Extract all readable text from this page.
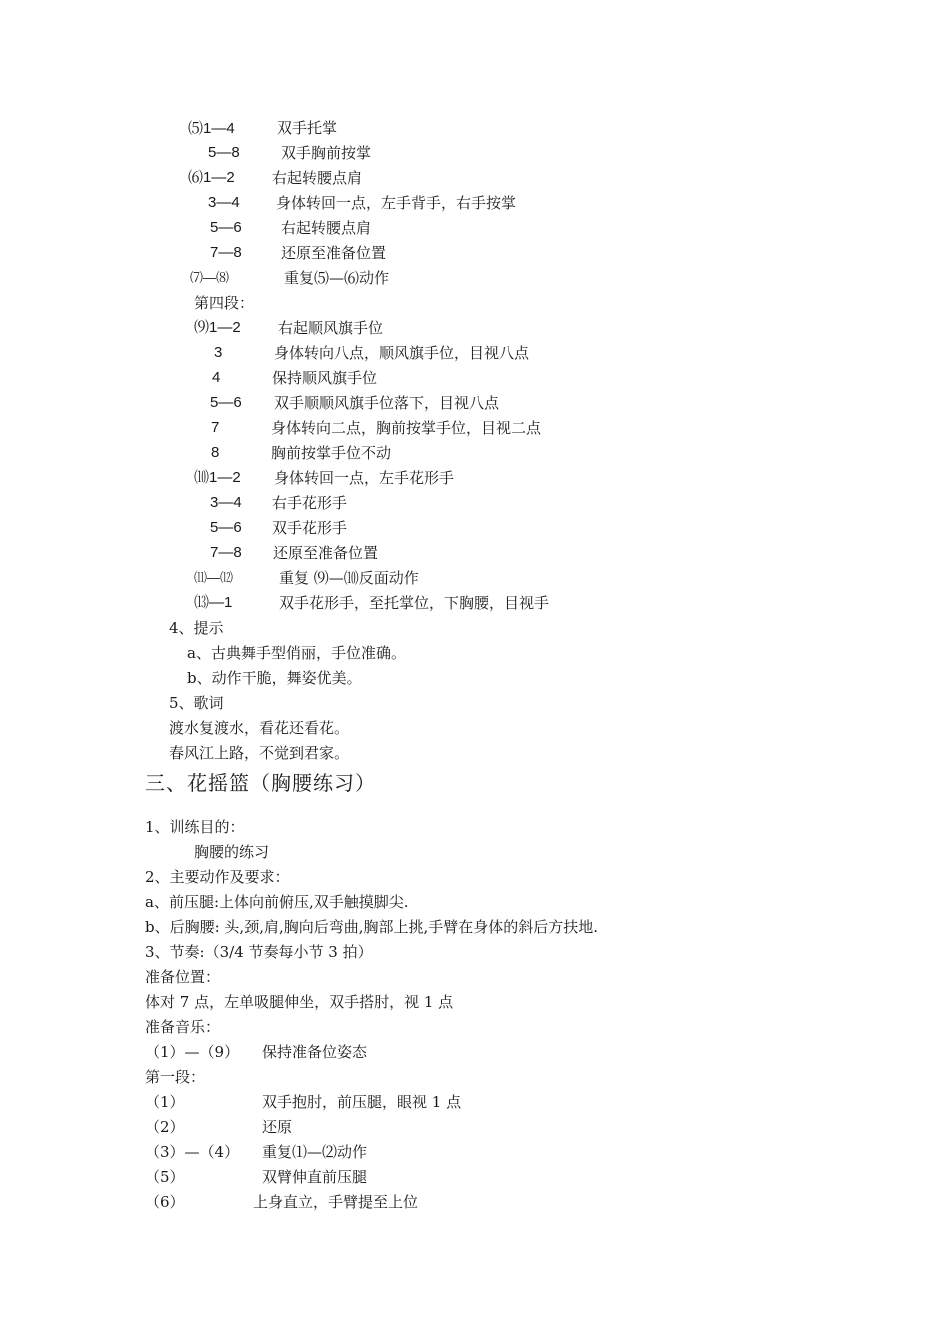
⑸1—4	双手托掌
5—8	双手胸前按掌
⑹1—2 右起转腰点肩
3—4 身体转回一点，左手背手，右手按掌
5—6	右起转腰点肩
7—8	还原至准备位置
⑺—⑻	重复⑸—⑹动作
第四段：
⑼1—2 右起顺风旗手位
3	身体转向八点，顺风旗手位，目视八点
4	保持顺风旗手位
5—6 双手顺顺风旗手位落下，目视八点
7	身体转向二点，胸前按掌手位，目视二点
8	胸前按掌手位不动
⑽1—2 身体转回一点，左手花形手
3—4 右手花形手
5—6 双手花形手
7—8 还原至准备位置
⑾—⑿	重复 ⑼—⑽反面动作
⒀—1	双手花形手，至托掌位，下胸腰，目视手
4、提示
a、古典舞手型俏丽，手位准确。
b、动作干脆，舞姿优美。
5、歌词
渡水复渡水，看花还看花。
春风江上路，不觉到君家。
三、花摇篮（胸腰练习）
1、训练目的：
胸腰的练习
2、主要动作及要求：
a、前压腿:上体向前俯压,双手触摸脚尖.
b、后胸腰: 头,颈,肩,胸向后弯曲,胸部上挑,手臂在身体的斜后方扶地.
3、节奏:（3/4 节奏每小节 3 拍）
准备位置：
体对 7 点，左单吸腿伸坐，双手搭肘，视 1 点
准备音乐：
（1）—（9） 保持准备位姿态
第一段：
（1）	双手抱肘，前压腿，眼视 1 点
（2）	还原
（3）—（4） 重复⑴—⑵动作
（5）	双臂伸直前压腿
（6）	上身直立，手臂提至上位
